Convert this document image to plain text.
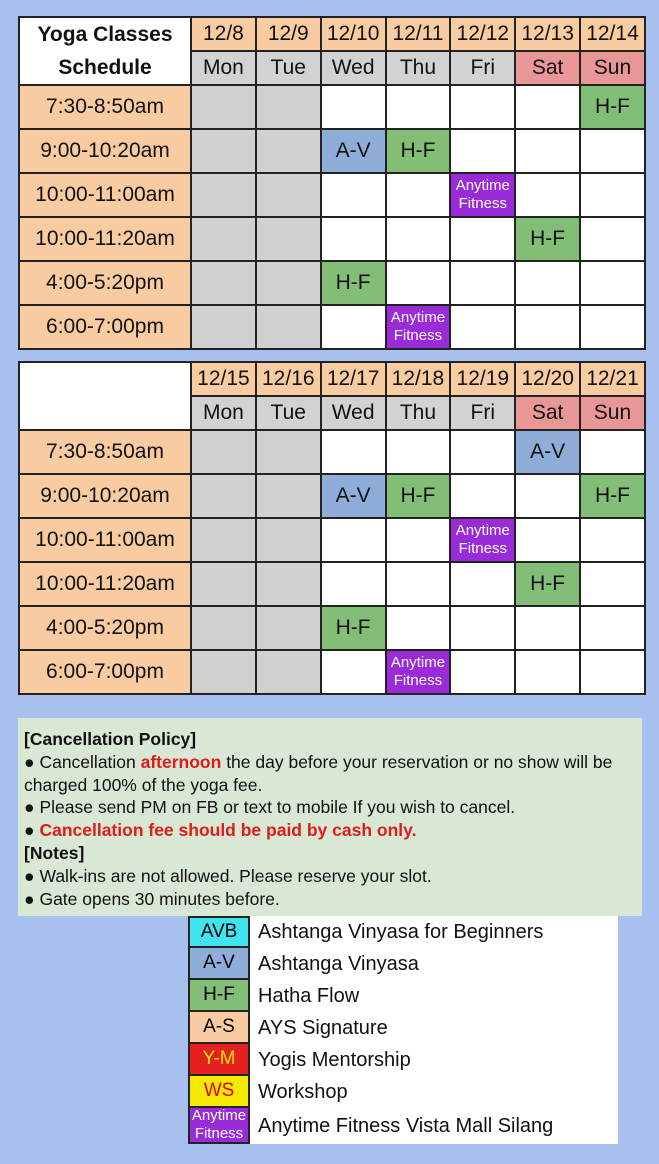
Yoga Classes
Schedule	12/8	12/9	12/10	12/11	12/12	12/13	12/14
	Mon	Tue	Wed	Thu	Fri	Sat	Sun
7:30-8:50am							H-F
9:00-10:20am			A-V	H-F			
10:00-11:00am					Anytime
Fitness		

10:00-11:20am						H-F	
4:00-5:20pm			H-F				
6:00-7:00pm				Anytime
Fitness			

	12/15	12/16	12/17	12/18	12/19	12/20	12/21
	Mon	Tue	Wed	Thu	Fri	Sat	Sun
7:30-8:50am						A-V	
9:00-10:20am			A-V	H-F			H-F
10:00-11:00am					Anytime
Fitness		

10:00-11:20am						H-F	
4:00-5:20pm			H-F				
6:00-7:00pm				Anytime
Fitness			

[Cancellation Policy]
● Cancellation afternoon the day before your reservation or no show will be charged 100% of the yoga fee.
● Please send PM on FB or text to mobile If you wish to cancel.
● Cancellation fee should be paid by cash only.
[Notes]
● Walk-ins are not allowed. Please reserve your slot.
● Gate opens 30 minutes before.
AVB	Ashtanga Vinyasa for Beginners
A-V	Ashtanga Vinyasa
H-F	Hatha Flow
A-S	AYS Signature
Y-M	Yogis Mentorship
WS	Workshop
Anytime Fitness Anytime Fitness Vista Mall Silang
